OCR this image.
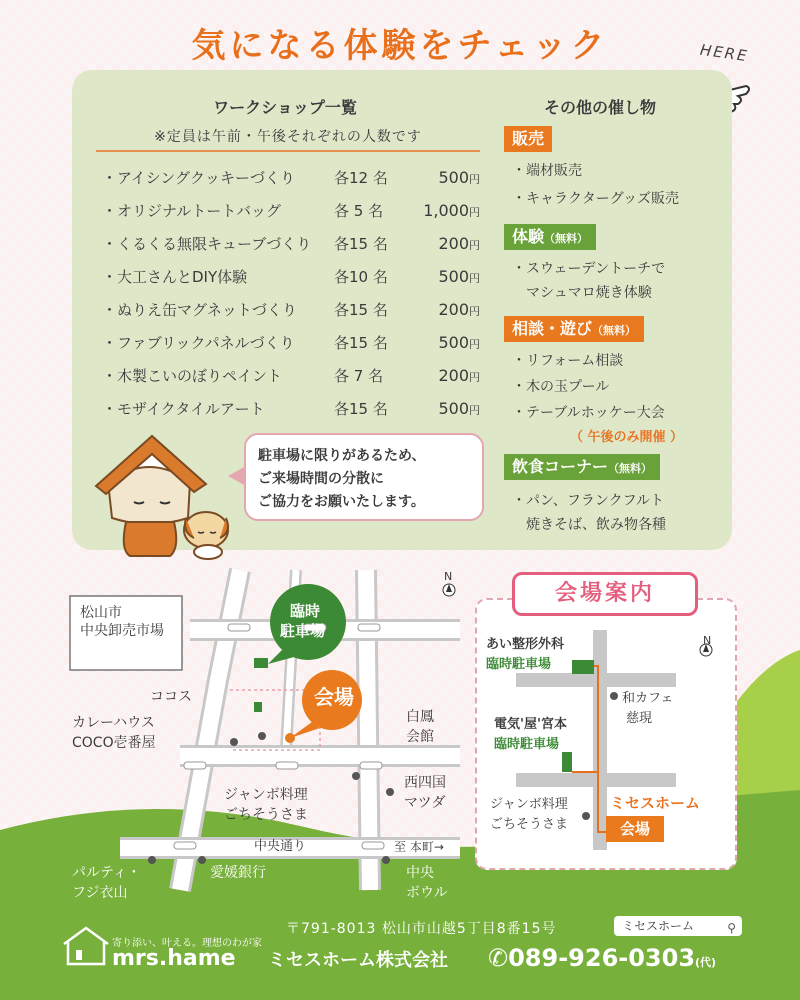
気になる体験をチェック	HERE
ワークショップ一覧
※定員は午前・午後それぞれの人数です
・アイシングクッキーづくり	各12 名	500円
・オリジナルトートバッグ	各 5 名	1,000円
・くるくる無限キューブづくり 各15 名	200円
・大工さんとDIY体験	各10 名	500円
・ぬりえ缶マグネットづくり 各15 名	200円
・ファブリックパネルづくり	各15 名	500円
・木製こいのぼりペイント	各 7 名	200円
・モザイクタイルアート	各15 名	500円
その他の催し物
販売
・端材販売
・キャラクターグッズ販売
体験（無料）
・スウェーデントーチで
　マシュマロ焼き体験
相談・遊び（無料）
・リフォーム相談
・木の玉プール
・テーブルホッケー大会
（ 午後のみ開催 ）
飲食コーナー（無料）
・パン、フランクフルト
　焼きそば、飲み物各種
駐車場に限りがあるため、
ご来場時間の分散に
ご協力をお願いたします。
N
松山市
中央卸売市場
臨時
駐車場
会場
ココス
カレーハウス
COCO壱番屋
白鳳
会館
西四国
マツダ
ジャンボ料理
ごちそうさま
中央通り	至 本町→
パルティ・
フジ衣山
愛媛銀行	中央
ボウル
会場案内
N
あい整形外科
臨時駐車場
電気'屋'宮本
臨時駐車場
和カフェ
慈現
ジャンボ料理
ごちそうさま
ミセスホーム
会場
寄り添い、叶える。理想のわが家
mrs.hame
〒791-8013 松山市山越5丁目8番15号	ミセスホーム	⚲
ミセスホーム株式会社 ✆089-926-0303(代)
